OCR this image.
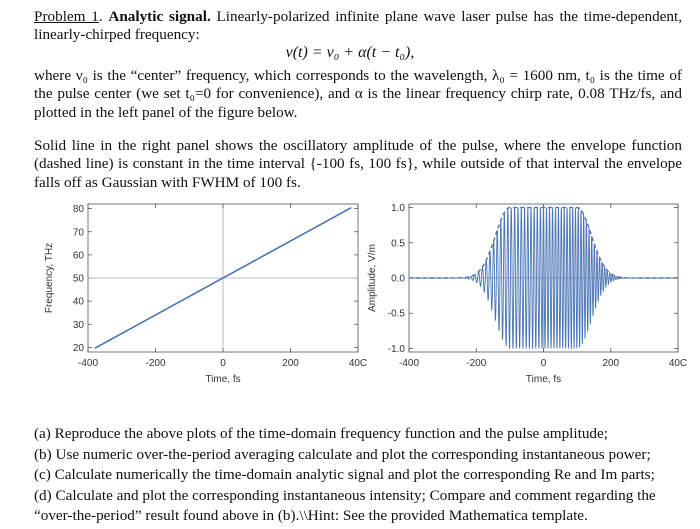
Problem 1. Analytic signal. Linearly-polarized infinite plane wave laser pulse has the time-dependent, linearly-chirped frequency:

ν(t) = ν₀ + α(t − t₀),

where ν₀ is the “center” frequency, which corresponds to the wavelength, λ₀ = 1600 nm, t₀ is the time of the pulse center (we set t₀=0 for convenience), and α is the linear frequency chirp rate, 0.08 THz/fs, and plotted in the left panel of the figure below.

Solid line in the right panel shows the oscillatory amplitude of the pulse, where the envelope function (dashed line) is constant in the time interval {-100 fs, 100 fs}, while outside of that interval the envelope falls off as Gaussian with FWHM of 100 fs.

-400	-200	0	200	40C
20
30
40
50
60
70
80
Time, fs
Frequency, THz
-400	-200	0	200	40C
1.0
0.5
0.0
-0.5
-1.0
Time, fs
Amplitude, V/m
(a) Reproduce the above plots of the time-domain frequency function and the pulse amplitude;
(b) Use numeric over-the-period averaging calculate and plot the corresponding instantaneous power;
(c) Calculate numerically the time-domain analytic signal and plot the corresponding Re and Im parts;
(d) Calculate and plot the corresponding instantaneous intensity; Compare and comment regarding the “over-the-period” result found above in (b).\\Hint: See the provided Mathematica template.
